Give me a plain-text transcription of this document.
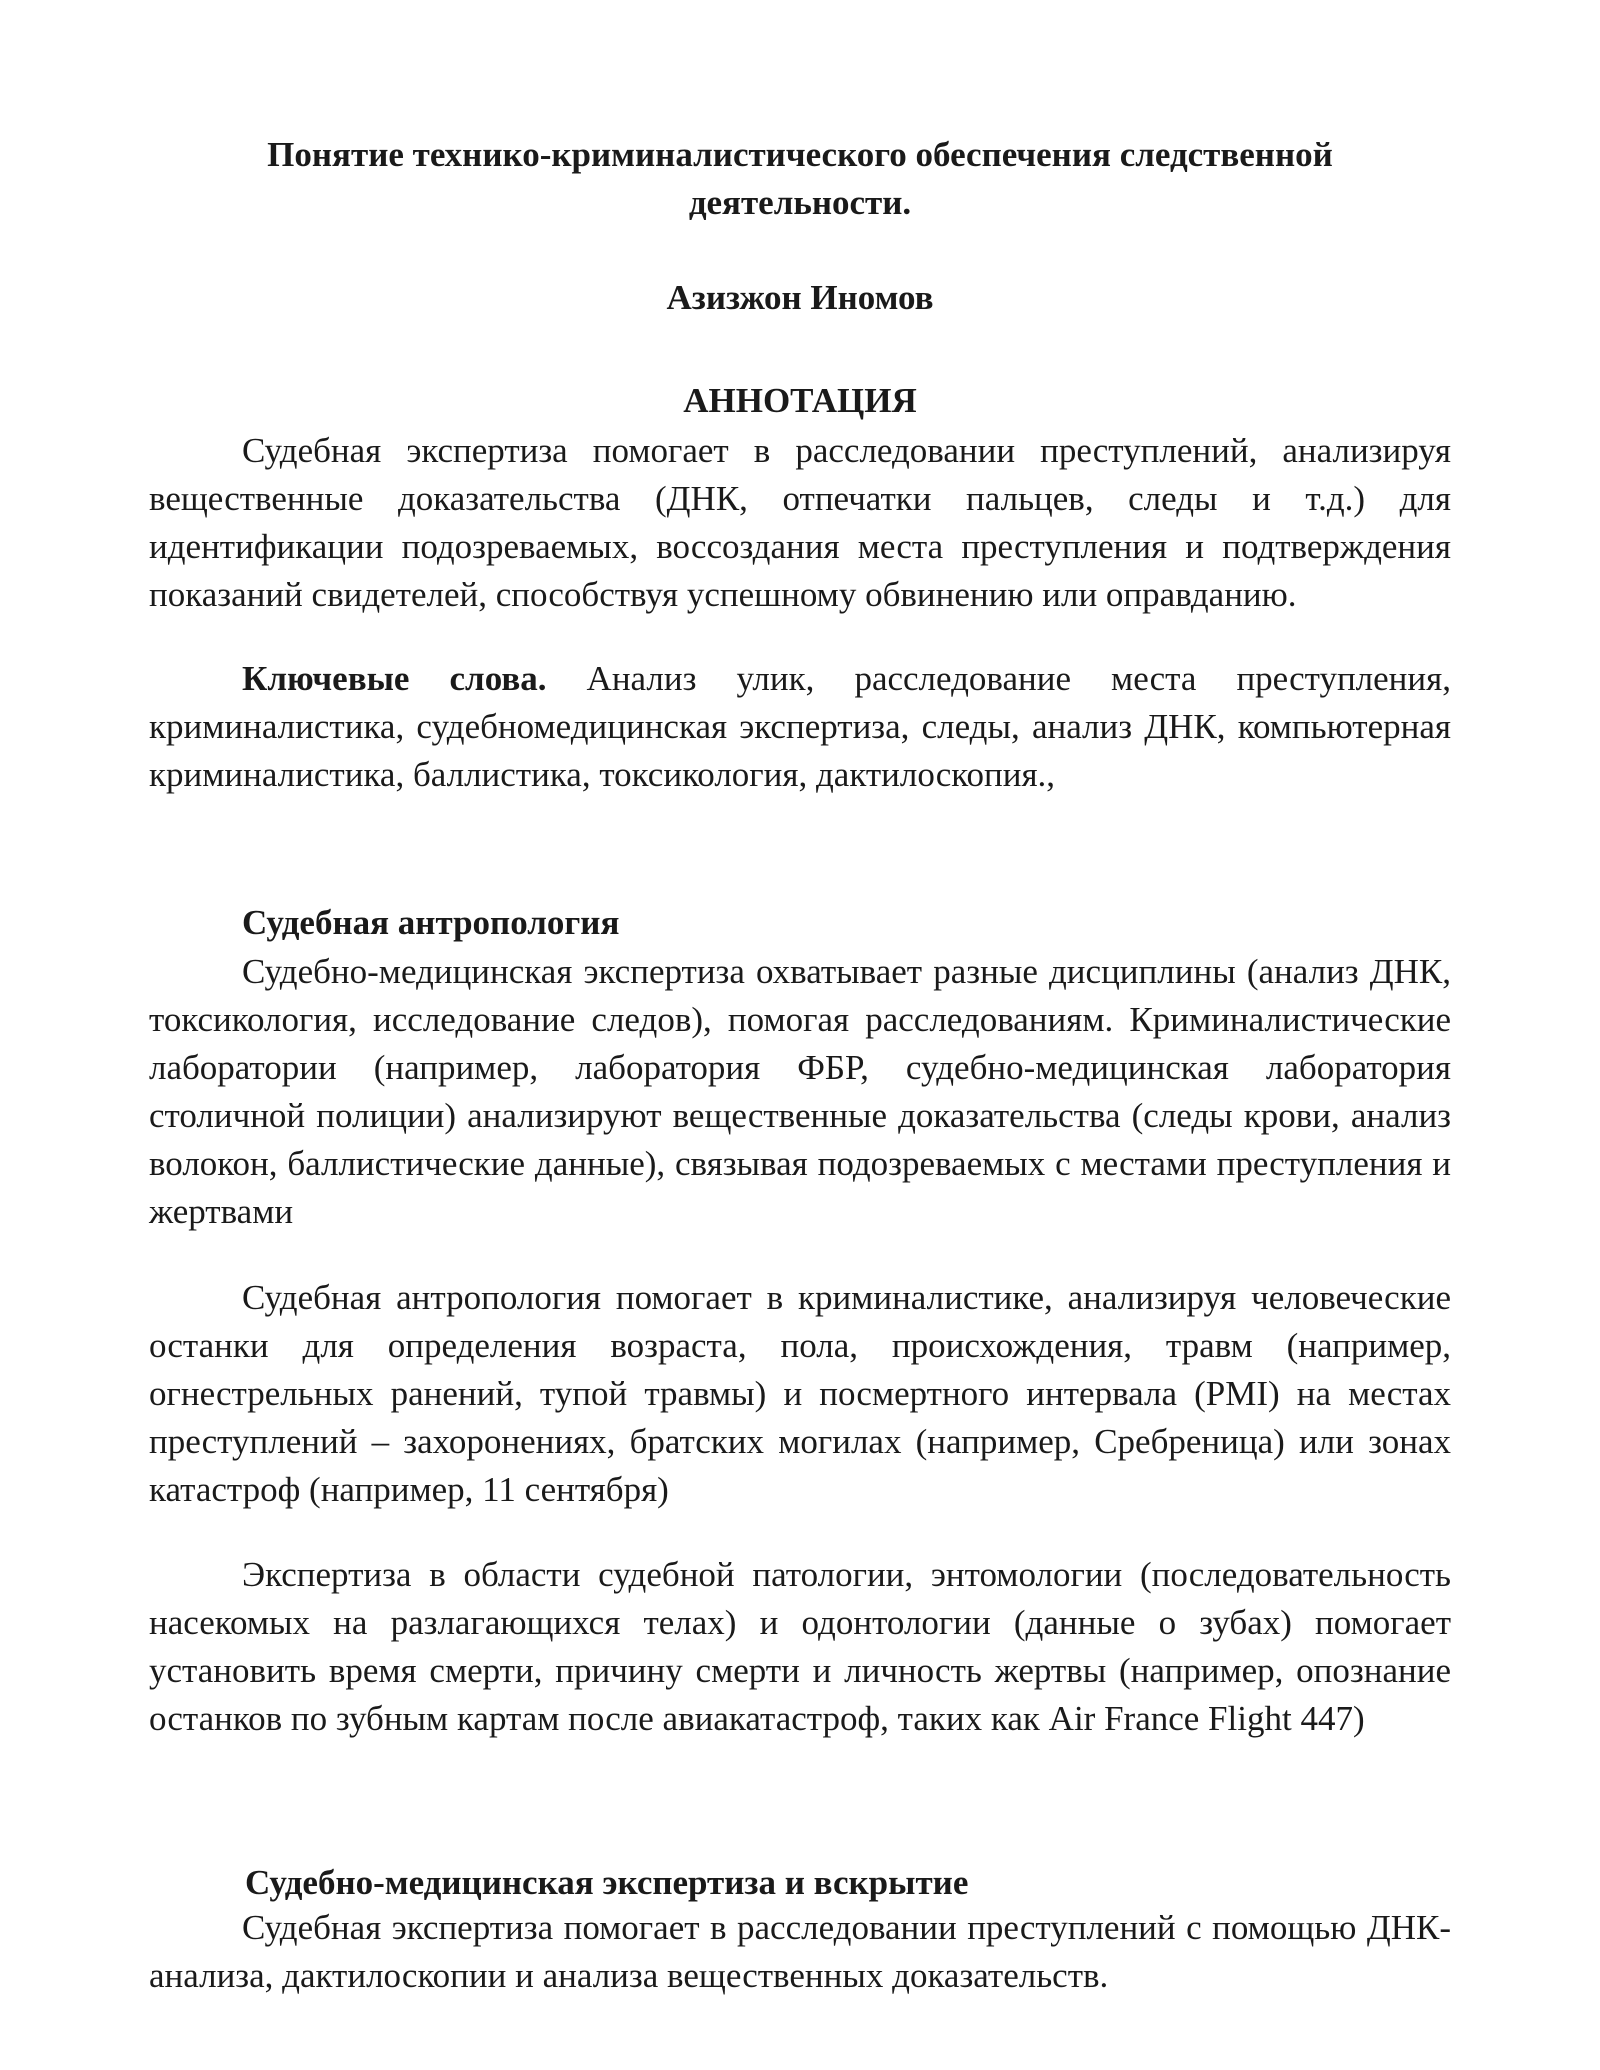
Понятие технико-криминалистического обеспечения следственной
деятельности.
Азизжон Иномов
АННОТАЦИЯ
Судебная экспертиза помогает в расследовании преступлений, анализируя вещественные доказательства (ДНК, отпечатки пальцев, следы и т.д.) для идентификации подозреваемых, воссоздания места преступления и подтверждения показаний свидетелей, способствуя успешному обвинению или оправданию.
Ключевые слова. Анализ улик, расследование места преступления, криминалистика, судебномедицинская экспертиза, следы, анализ ДНК, компьютерная криминалистика, баллистика, токсикология, дактилоскопия.,
Судебная антропология
Судебно-медицинская экспертиза охватывает разные дисциплины (анализ ДНК, токсикология, исследование следов), помогая расследованиям. Криминалистические лаборатории (например, лаборатория ФБР, судебно-медицинская лаборатория столичной полиции) анализируют вещественные доказательства (следы крови, анализ волокон, баллистические данные), связывая подозреваемых с местами преступления и жертвами
Судебная антропология помогает в криминалистике, анализируя человеческие останки для определения возраста, пола, происхождения, травм (например, огнестрельных ранений, тупой травмы) и посмертного интервала (PMI) на местах преступлений – захоронениях, братских могилах (например, Сребреница) или зонах катастроф (например, 11 сентября)
Экспертиза в области судебной патологии, энтомологии (последовательность насекомых на разлагающихся телах) и одонтологии (данные о зубах) помогает установить время смерти, причину смерти и личность жертвы (например, опознание останков по зубным картам после авиакатастроф, таких как Air France Flight 447)
Судебно-медицинская экспертиза и вскрытие
Судебная экспертиза помогает в расследовании преступлений с помощью ДНК-анализа, дактилоскопии и анализа вещественных доказательств.
